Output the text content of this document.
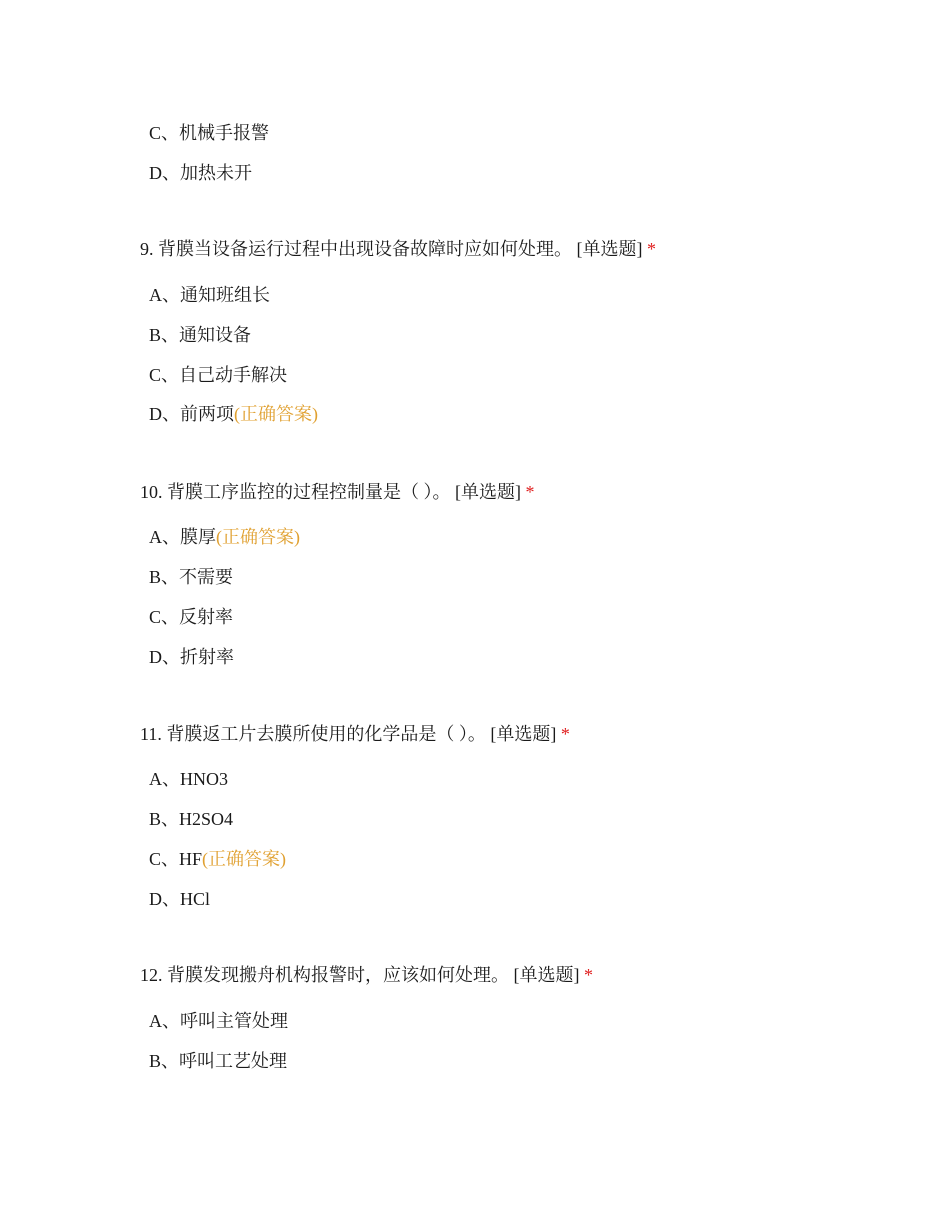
C、机械手报警
D、加热未开
9. 背膜当设备运行过程中出现设备故障时应如何处理。 [单选题] *
A、通知班组长
B、通知设备
C、自己动手解决
D、前两项(正确答案)
10. 背膜工序监控的过程控制量是（ ）。 [单选题] *
A、膜厚(正确答案)
B、不需要
C、反射率
D、折射率
11. 背膜返工片去膜所使用的化学品是（ ）。 [单选题] *
A、HNO3
B、H2SO4
C、HF(正确答案)
D、HCl
12. 背膜发现搬舟机构报警时，应该如何处理。 [单选题] *
A、呼叫主管处理
B、呼叫工艺处理
